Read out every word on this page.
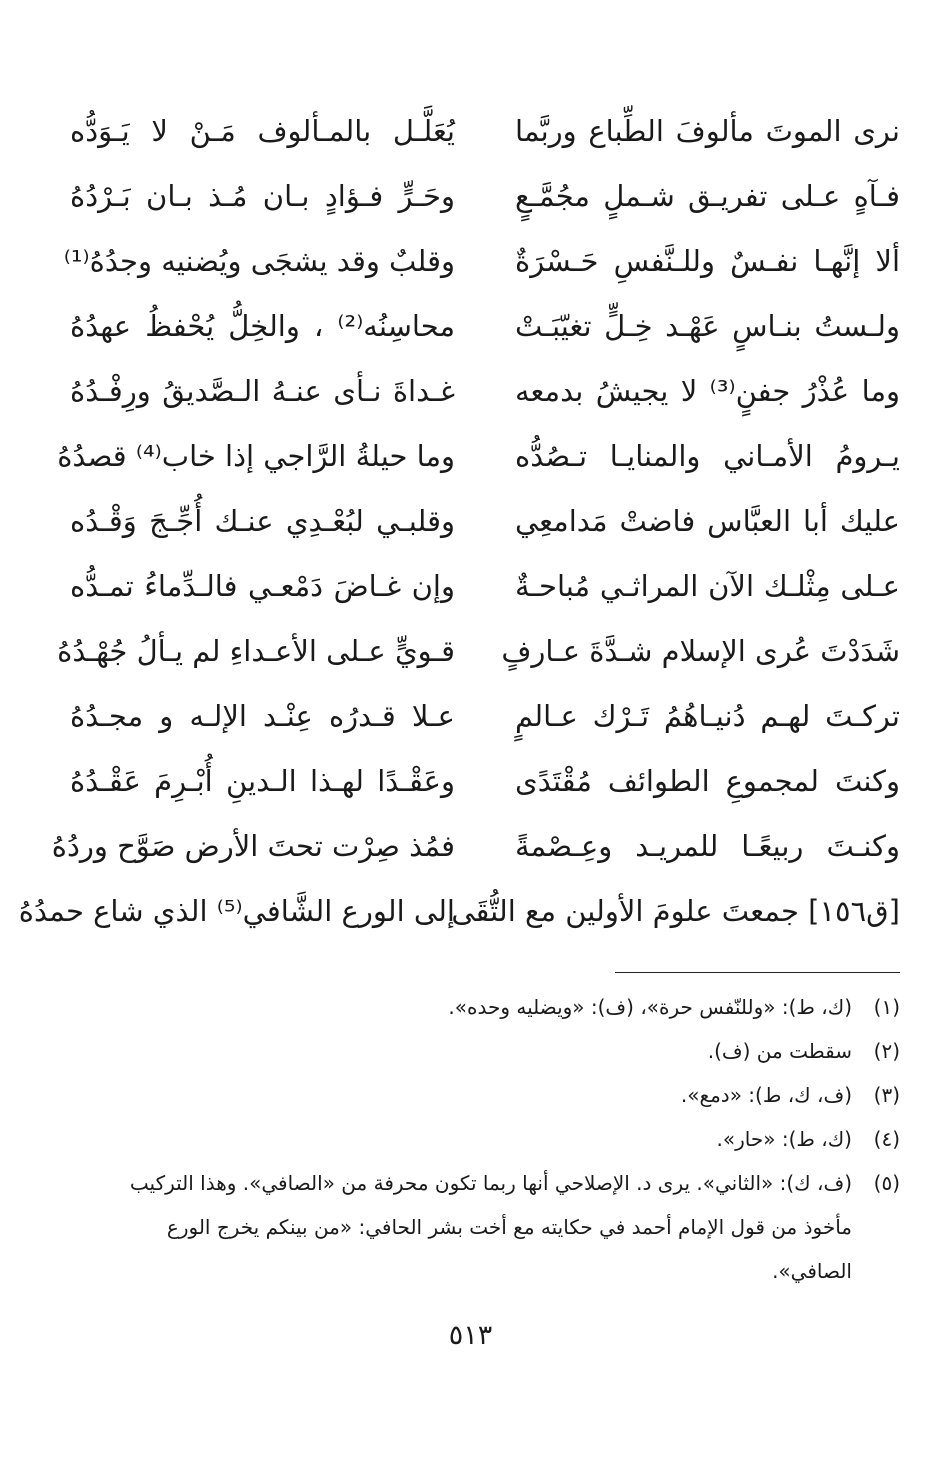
يُعَلَّـل بالمـألوف مَـنْ لا يَـوَدُّه نرى الموتَ مألوفَ الطِّباع وربَّما
وحَـرٍّ فـؤادٍ بـان مُـذ بـان بَـرْدُهُ فـآهٍ عـلى تفريـق شـملٍ مجُمَّـعٍ
وقلبٌ وقد يشجَى ويُضنيه وجدُهُ⁽¹⁾ ألا إنَّهـا نفـسٌ وللـنَّفسِ حَـسْرَةٌ
محاسِنُه⁽²⁾ ، والخِلُّ يُحْفظُ عهدُهُ ولـستُ بنـاسٍ عَهْـد خِـلٍّ تغيّبَـتْ
غـداةَ نـأى عنـهُ الـصَّديقُ ورِفْـدُهُ وما عُذْرُ جفنٍ⁽³⁾ لا يجيشُ بدمعه
وما حيلةُ الرَّاجي إذا خاب⁽⁴⁾ قصدُهُ يـرومُ الأمـاني والمنايـا تـصُدُّه
وقلبـي لبُعْـدِي عنـك أُجِّـجَ وَقْـدُه عليك أبا العبَّاس فاضتْ مَدامعِي
وإن غـاضَ دَمْعـي فالـدِّماءُ تمـدُّه عـلى مِثْلـك الآن المراثـي مُباحـةٌ
قـويٍّ عـلى الأعـداءِ لم يـألُ جُهْـدُهُ شَدَدْتَ عُرى الإسلام شـدَّةَ عـارفٍ
عـلا قـدرُه عِنْـد الإلـه و مجـدُهُ تركـتَ لهـم دُنيـاهُمُ تَـرْك عـالمٍ
وعَقْـدًا لهـذا الـدينِ أُبْـرِمَ عَقْـدُهُ وكنتَ لمجموعِ الطوائف مُقْتَدًى
فمُذ صِرْت تحتَ الأرض صَوَّح وردُهُ وكنـتَ ربيعًـا للمريـد وعِـصْمةً
إلى الورع الشَّافي⁽⁵⁾ الذي شاع حمدُهُ
[ق١٥٦] جمعتَ علومَ الأولين مع التُّقَى
(١)
(ك، ط): «وللنّفس حرة»، (ف): «ويضليه وحده».
(٢)
سقطت من (ف).
(٣)
(ف، ك، ط): «دمع».
(٤)
(ك، ط): «حار».
(٥)
(ف، ك): «الثاني». يرى د. الإصلاحي أنها ربما تكون محرفة من «الصافي». وهذا التركيب مأخوذ من قول الإمام أحمد في حكايته مع أخت بشر الحافي: «من بينكم يخرج الورع الصافي».
٥١٣
